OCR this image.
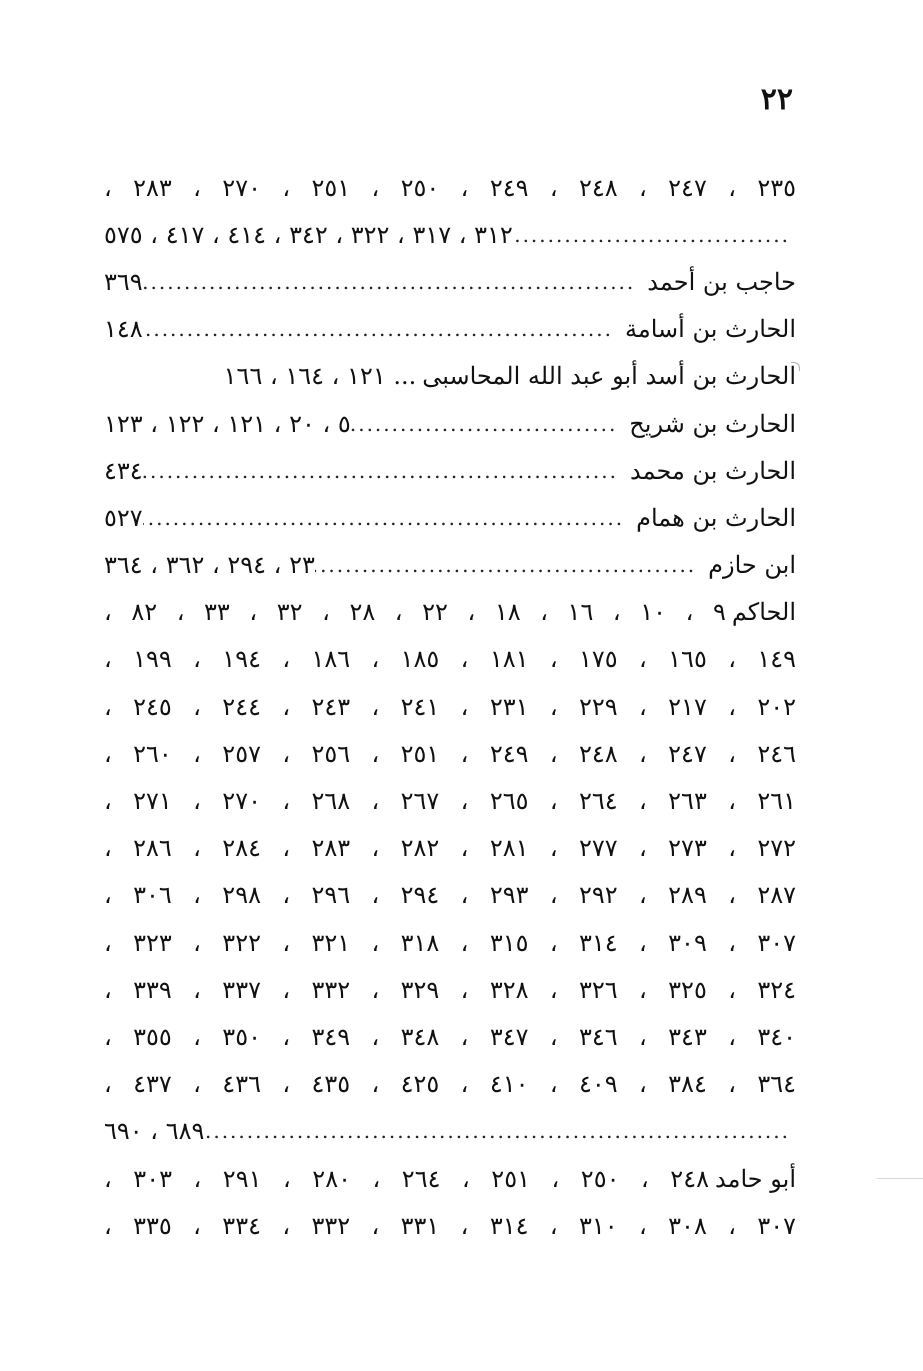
٢٢
٢٣٥ ، ٢٤٧ ، ٢٤٨ ، ٢٤٩ ، ٢٥٠ ، ٢٥١ ، ٢٧٠ ، ٢٨٣ ،
.....
٣١٢ ، ٣١٧ ، ٣٢٢ ، ٣٤٢ ، ٤١٤ ، ٤١٧ ، ٥٧٥
حاجب بن أحمد
.....
٣٦٩
الحارث بن أسامة
.....
١٤٨
الحارث بن أسد أبو عبد الله المحاسبى
... ١٢١ ، ١٦٤ ، ١٦٦
الحارث بن شريح
.....
٥ ، ٢٠ ، ١٢١ ، ١٢٢ ، ١٢٣
الحارث بن محمد
.....
٤٣٤
الحارث بن همام
.....
٥٢٧
ابن حازم
.....
٢٣ ، ٢٩٤ ، ٣٦٢ ، ٣٦٤
الحاكم
٩ ، ١٠ ، ١٦ ، ١٨ ، ٢٢ ، ٢٨ ، ٣٢ ، ٣٣ ، ٨٢ ،
١٤٩ ، ١٦٥ ، ١٧٥ ، ١٨١ ، ١٨٥ ، ١٨٦ ، ١٩٤ ، ١٩٩ ،
٢٠٢ ، ٢١٧ ، ٢٢٩ ، ٢٣١ ، ٢٤١ ، ٢٤٣ ، ٢٤٤ ، ٢٤٥ ،
٢٤٦ ، ٢٤٧ ، ٢٤٨ ، ٢٤٩ ، ٢٥١ ، ٢٥٦ ، ٢٥٧ ، ٢٦٠ ،
٢٦١ ، ٢٦٣ ، ٢٦٤ ، ٢٦٥ ، ٢٦٧ ، ٢٦٨ ، ٢٧٠ ، ٢٧١ ،
٢٧٢ ، ٢٧٣ ، ٢٧٧ ، ٢٨١ ، ٢٨٢ ، ٢٨٣ ، ٢٨٤ ، ٢٨٦ ،
٢٨٧ ، ٢٨٩ ، ٢٩٢ ، ٢٩٣ ، ٢٩٤ ، ٢٩٦ ، ٢٩٨ ، ٣٠٦ ،
٣٠٧ ، ٣٠٩ ، ٣١٤ ، ٣١٥ ، ٣١٨ ، ٣٢١ ، ٣٢٢ ، ٣٢٣ ،
٣٢٤ ، ٣٢٥ ، ٣٢٦ ، ٣٢٨ ، ٣٢٩ ، ٣٣٢ ، ٣٣٧ ، ٣٣٩ ،
٣٤٠ ، ٣٤٣ ، ٣٤٦ ، ٣٤٧ ، ٣٤٨ ، ٣٤٩ ، ٣٥٠ ، ٣٥٥ ،
٣٦٤ ، ٣٨٤ ، ٤٠٩ ، ٤١٠ ، ٤٢٥ ، ٤٣٥ ، ٤٣٦ ، ٤٣٧ ،
.....
٦٨٩ ، ٦٩٠
أبو حامد
٢٤٨ ، ٢٥٠ ، ٢٥١ ، ٢٦٤ ، ٢٨٠ ، ٢٩١ ، ٣٠٣ ،
٣٠٧ ، ٣٠٨ ، ٣١٠ ، ٣١٤ ، ٣٣١ ، ٣٣٢ ، ٣٣٤ ، ٣٣٥ ،
